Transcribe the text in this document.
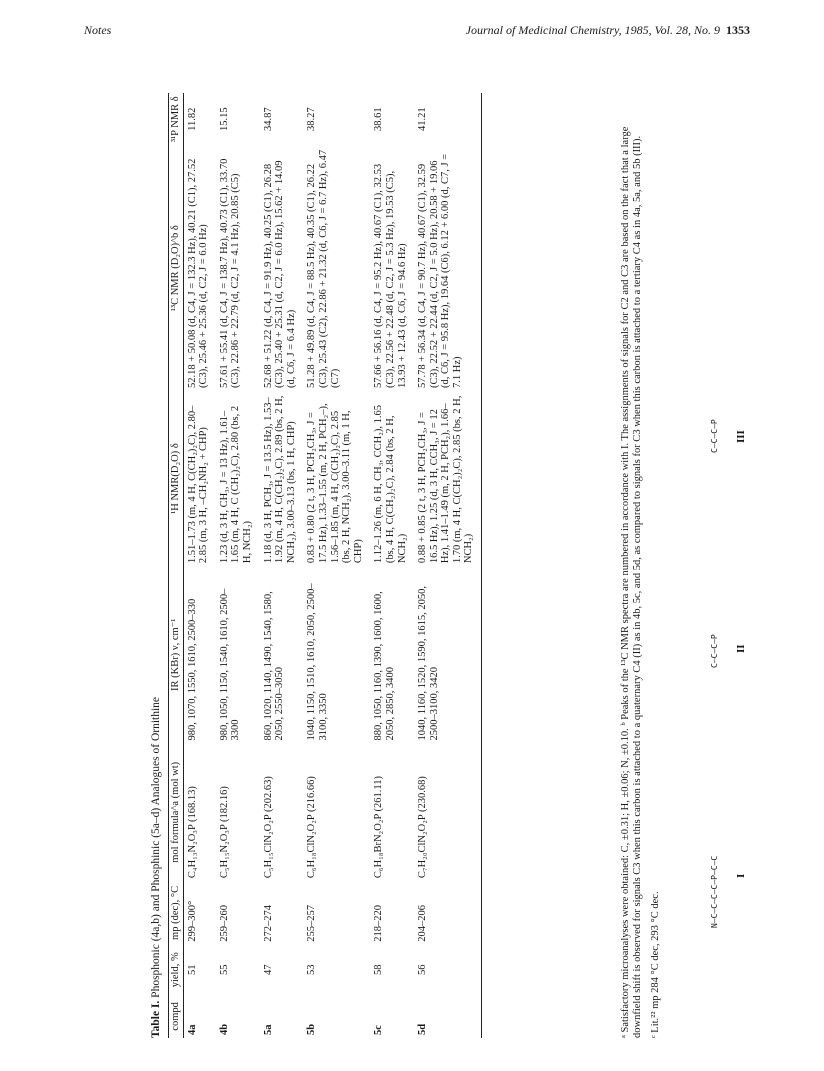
Notes	Journal of Medicinal Chemistry, 1985, Vol. 28, No. 9 1353
Table I. Phosphonic (4a,b) and Phosphinic (5a–d) Analogues of Ornithine
compd	yield, %	mp (dec), °C	mol formula^a (mol wt)	IR (KBr) ν, cm⁻¹	¹H NMR(D₂O) δ	¹³C NMR (D₂O)^b δ	³¹P NMR δ
4a	51	299–300°	C₄H₁₃N₂O₃P (168.13)	980, 1070, 1550, 1610, 2500–330	1.51–1.73 (m, 4 H, C(CH₂)₂C), 2.80–2.85 (m, 3 H, –CH₂NH₂ + CHP)	52.18 + 50.08 (d, C4, J = 132.3 Hz), 40.21 (C1), 27.52 (C3), 25.46 + 25.36 (d, C2, J = 6.0 Hz)	11.82
4b	55	259–260	C₅H₁₅N₂O₃P (182.16)	980, 1050, 1150, 1540, 1610, 2500–3300	1.23 (d, 3 H, CH₃, J = 13 Hz), 1.61–1.65 (m, 4 H, C (CH₂)₂C), 2.80 (bs, 2 H, NCH₂)	57.61 + 55.41 (d, C4, J = 138.7 Hz), 40.73 (C1), 33.70 (C3), 22.86 + 22.79 (d, C2, J = 4.1 Hz), 20.85 (C5)	15.15
5a	47	272–274	C₅H₁₅ClN₂O₂P (202.63)	860, 1020, 1140, 1490, 1540, 1580, 2050, 2550–3050	1.18 (d, 3 H, PCH₃, J = 13.5 Hz), 1.53–1.92 (m, 4 H, C(CH₂)₂C), 2.89 (bs, 2 H, NCH₂), 3.00–3.13 (bs, 1 H, CHP)	52.68 + 51.22 (d, C4, J = 91.9 Hz), 40.25 (C1), 26.28 (C3), 25.40 + 25.31 (d, C2, J = 6.0 Hz), 15.62 + 14.09 (d, C6, J = 6.4 Hz)	34.87
5b	53	255–257	C₆H₁₈ClN₂O₂P (216.66)	1040, 1150, 1510, 1610, 2050, 2500–3100, 3350	0.83 + 0.80 (2 t, 3 H, PCH₂CH₃, J = 17.5 Hz), 1.33–1.55 (m, 2 H, PCH₂–), 1.56–1.85 (m, 4 H, C(CH₂)₂C), 2.85 (bs, 2 H, NCH₂), 3.00–3.11 (m, 1 H, CHP)	51.28 + 49.89 (d, C4, J = 88.5 Hz), 40.35 (C1), 26.22 (C3), 25.43 (C2), 22.86 + 21.32 (d, C6, J = 6.7 Hz), 6.47 (C7)	38.27
5c	58	218–220	C₆H₁₈BrN₂O₂P (261.11)	880, 1050, 1160, 1390, 1600, 1600, 2050, 2850, 3400	1.12–1.26 (m, 6 H, CH₃, CCH₂), 1.65 (bs, 4 H, C(CH₂)₂C), 2.84 (bs, 2 H, NCH₂)	57.66 + 56.16 (d, C4, J = 95.2 Hz), 40.67 (C1), 32.53 (C3), 22.56 + 22.48 (d, C2, J = 5.3 Hz), 19.53 (C5), 13.93 + 12.43 (d, C6, J = 94.6 Hz)	38.61
5d	56	204–206	C₇H₂₀ClN₂O₂P (230.68)	1040, 1160, 1520, 1590, 1615, 2050, 2500–3100, 3420	0.88 + 0.85 (2 t, 3 H, PCH₂CH₃, J = 16.5 Hz), 1.25 (d, 3 H, CCH₃, J = 12 Hz), 1.41–1.49 (m, 2 H, PCH₂), 1.66–1.70 (m, 4 H, C(CH₂)₂C), 2.85 (bs, 2 H, NCH₂)	57.78 + 56.34 (d, C4, J = 90.7 Hz), 40.67 (C1), 32.59 (C3), 22.52 + 22.44 (d, C2, J = 5.0 Hz), 20.58 + 19.06 (d, C6, J = 95.8 Hz), 19.64 (C6), 6.12 + 6.00 (d, C7, J = 7.1 Hz)	41.21
ᵃ Satisfactory microanalyses were obtained: C, ±0.31; H, ±0.06; N, ±0.10. ᵇ Peaks of the ¹³C NMR spectra are numbered in accordance with I. The assignments of signals for C2 and C3 are based on the fact that a large downfield shift is observed for signals C3 when this carbon is attached to a quaternary C4 (II) as in 4b, 5c, and 5d, as compared to signals for C3 when this carbon is attached to a tertiary C4 as in 4a, 5a, and 5b (III). ᶜ Lit.²² mp 284 °C dec, 293 °C dec.	N–C–C–C–C–P–C–C I
C–C–C–P II
C–C–C–P III
